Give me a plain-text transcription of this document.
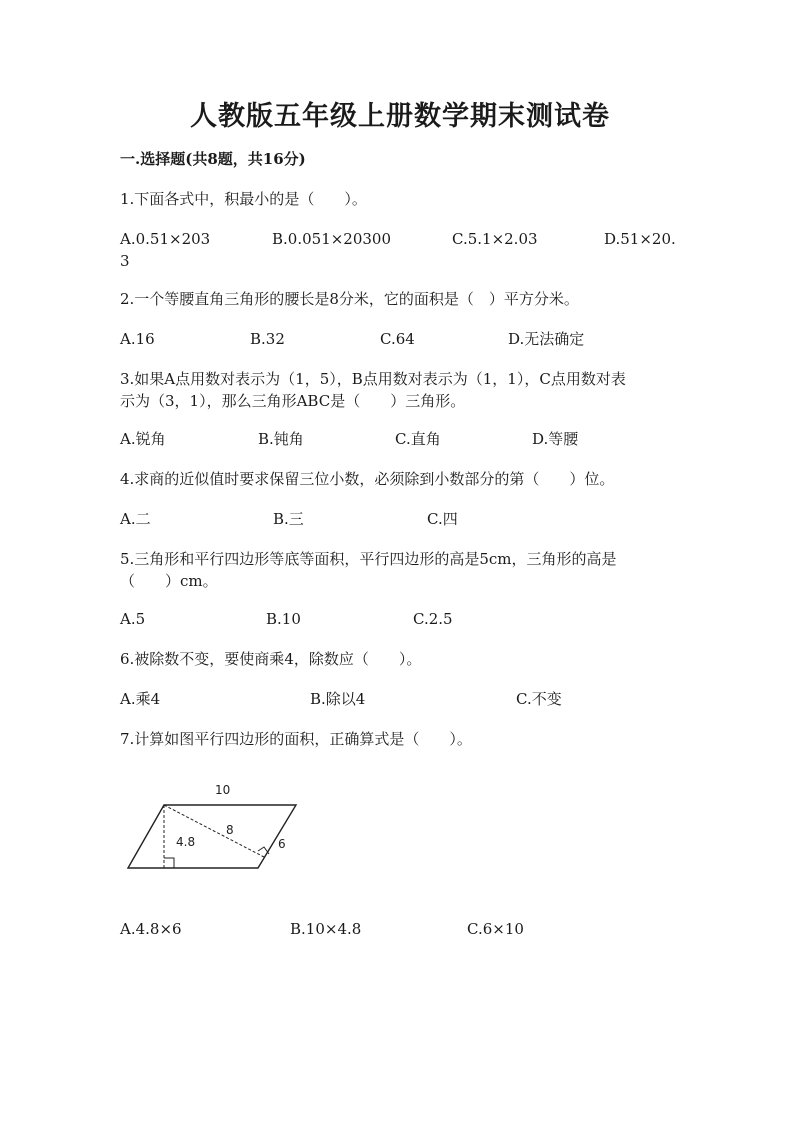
人教版五年级上册数学期末测试卷
一.选择题(共8题，共16分)
1.下面各式中，积最小的是（　　）。
A.0.51×203	B.0.051×20300	C.5.1×2.03	D.51×20.
3
2.一个等腰直角三角形的腰长是8分米，它的面积是（　）平方分米。
A.16	B.32	C.64	D.无法确定
3.如果A点用数对表示为（1，5），B点用数对表示为（1，1），C点用数对表
示为（3，1），那么三角形ABC是（　　）三角形。
A.锐角	B.钝角	C.直角	D.等腰
4.求商的近似值时要求保留三位小数，必须除到小数部分的第（　　）位。
A.二	B.三	C.四
5.三角形和平行四边形等底等面积，平行四边形的高是5cm，三角形的高是
（　　）cm。
A.5	B.10	C.2.5
6.被除数不变，要使商乘4，除数应（　　）。
A.乘4	B.除以4	C.不变
7.计算如图平行四边形的面积，正确算式是（　　）。
10
8
4.8	6
A.4.8×6	B.10×4.8	C.6×10
